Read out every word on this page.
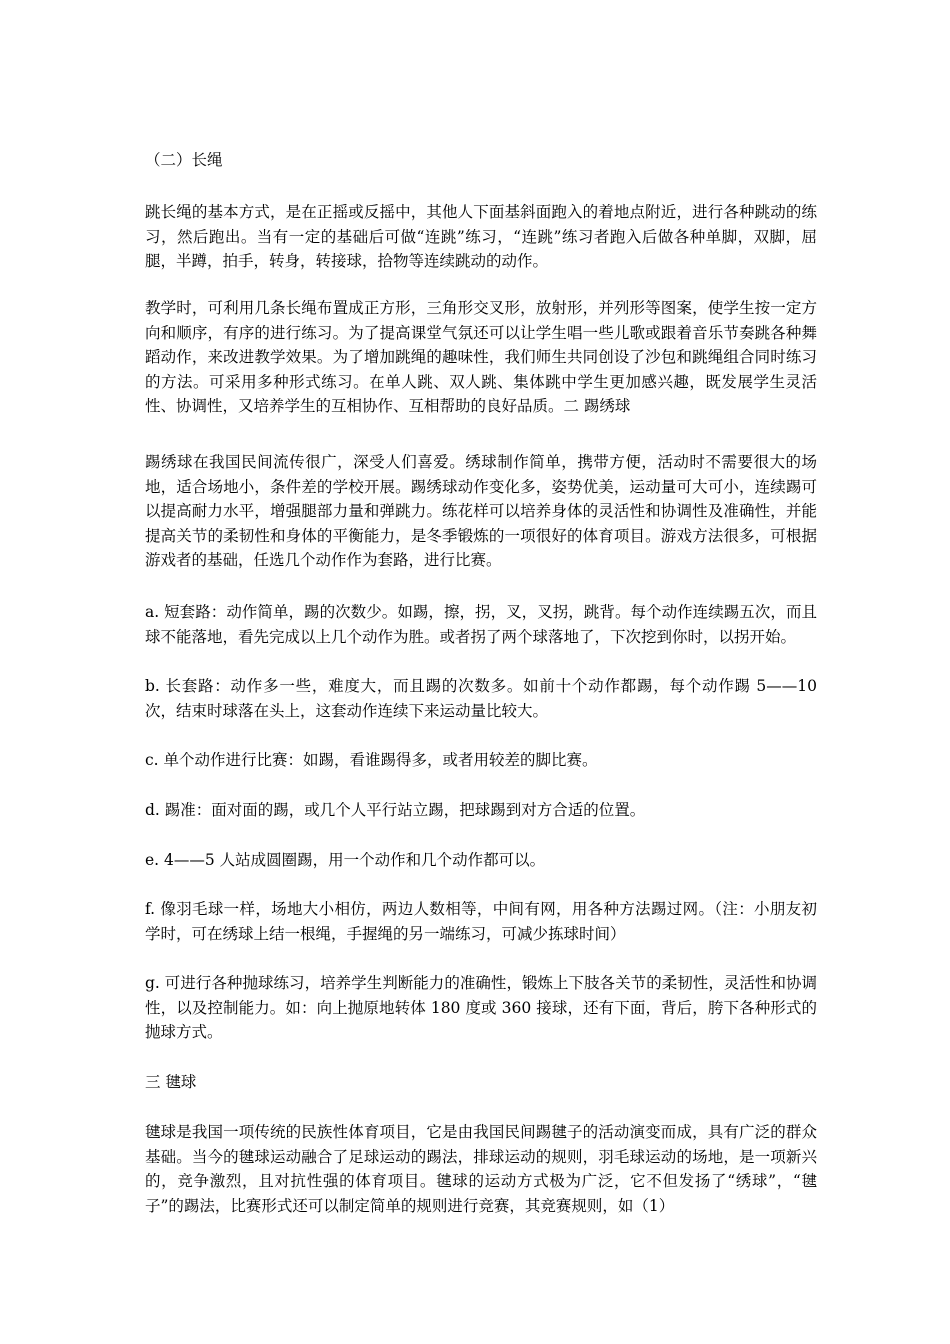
（二）长绳

跳长绳的基本方式，是在正摇或反摇中，其他人下面基斜面跑入的着地点附近，进行各种跳动的练习，然后跑出。当有一定的基础后可做“连跳”练习，“连跳”练习者跑入后做各种单脚，双脚，屈腿，半蹲，拍手，转身，转接球，拾物等连续跳动的动作。

教学时，可利用几条长绳布置成正方形，三角形交叉形，放射形，并列形等图案，使学生按一定方向和顺序，有序的进行练习。为了提高课堂气氛还可以让学生唱一些儿歌或跟着音乐节奏跳各种舞蹈动作，来改进教学效果。为了增加跳绳的趣味性，我们师生共同创设了沙包和跳绳组合同时练习的方法。可采用多种形式练习。在单人跳、双人跳、集体跳中学生更加感兴趣，既发展学生灵活性、协调性，又培养学生的互相协作、互相帮助的良好品质。二 踢绣球

踢绣球在我国民间流传很广，深受人们喜爱。绣球制作简单，携带方便，活动时不需要很大的场地，适合场地小，条件差的学校开展。踢绣球动作变化多，姿势优美，运动量可大可小，连续踢可以提高耐力水平，增强腿部力量和弹跳力。练花样可以培养身体的灵活性和协调性及准确性，并能提高关节的柔韧性和身体的平衡能力，是冬季锻炼的一项很好的体育项目。游戏方法很多，可根据游戏者的基础，任选几个动作作为套路，进行比赛。

a. 短套路：动作简单，踢的次数少。如踢，擦，拐，叉，叉拐，跳背。每个动作连续踢五次，而且球不能落地，看先完成以上几个动作为胜。或者拐了两个球落地了，下次挖到你时，以拐开始。

b. 长套路：动作多一些，难度大，而且踢的次数多。如前十个动作都踢，每个动作踢 5——10 次，结束时球落在头上，这套动作连续下来运动量比较大。

c. 单个动作进行比赛：如踢，看谁踢得多，或者用较差的脚比赛。

d. 踢准：面对面的踢，或几个人平行站立踢，把球踢到对方合适的位置。

e. 4——5 人站成圆圈踢，用一个动作和几个动作都可以。

f. 像羽毛球一样，场地大小相仿，两边人数相等，中间有网，用各种方法踢过网。（注：小朋友初学时，可在绣球上结一根绳，手握绳的另一端练习，可减少拣球时间）

g. 可进行各种抛球练习，培养学生判断能力的准确性，锻炼上下肢各关节的柔韧性，灵活性和协调性，以及控制能力。如：向上抛原地转体 180 度或 360 接球，还有下面，背后，胯下各种形式的抛球方式。

三 毽球

毽球是我国一项传统的民族性体育项目，它是由我国民间踢毽子的活动演变而成，具有广泛的群众基础。当今的毽球运动融合了足球运动的踢法，排球运动的规则，羽毛球运动的场地，是一项新兴的，竞争激烈，且对抗性强的体育项目。毽球的运动方式极为广泛，它不但发扬了“绣球”，“毽子”的踢法，比赛形式还可以制定简单的规则进行竞赛，其竞赛规则，如（1）
